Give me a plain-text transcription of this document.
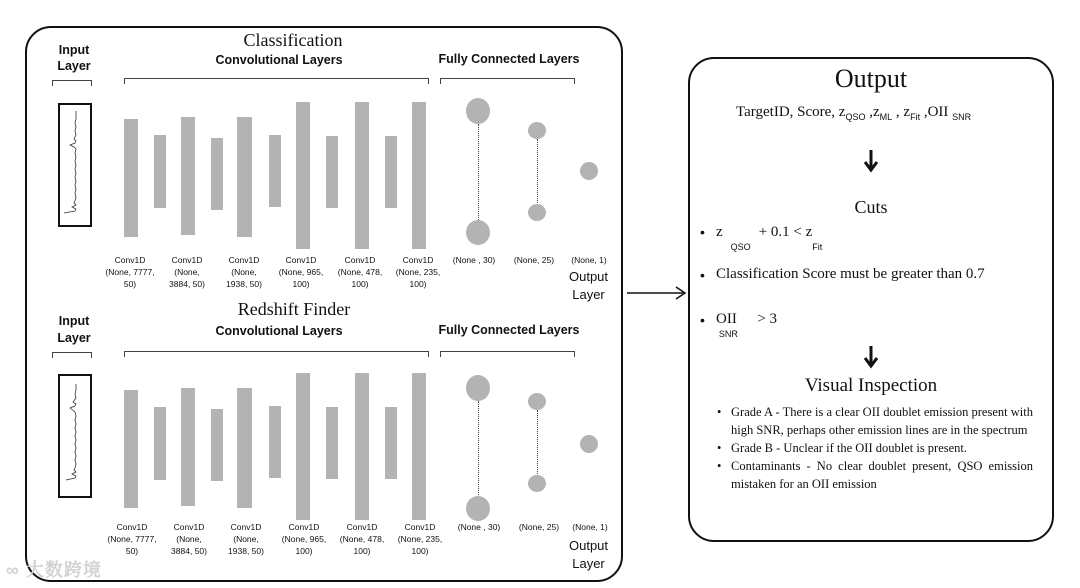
Classification
Input Layer	Convolutional Layers	Fully Connected Layers
Conv1D
(None, 7777,
50)
Conv1D
(None,
3884, 50)
Conv1D
(None,
1938, 50)
Conv1D
(None, 965,
100)
Conv1D
(None, 478,
100)
Conv1D
(None, 235,
100)
(None , 30)	(None, 25)	(None, 1)
Output Layer
Redshift Finder
Input Layer	Convolutional Layers	Fully Connected Layers
Conv1D
(None, 7777,
50)
Conv1D
(None,
3884, 50)
Conv1D
(None,
1938, 50)
Conv1D
(None, 965,
100)
Conv1D
(None, 478,
100)
Conv1D
(None, 235,
100)
(None , 30)	(None, 25)	(None, 1)
Output Layer
∞ 大数跨境
Output
TargetID, Score, $z_{QSO}$ $,z_{ML}$ , $z_{Fit}$ ,OII $_{SNR}$
Cuts
• $z_{QSO}+ 0.1 < z_{Fit}$
• Classification Score must be greater than 0.7
• $OII_{SNR} > 3$
Visual Inspection
• Grade A - There is a clear OII doublet emission present with high SNR, perhaps other emission lines are in the spectrum
• Grade B - Unclear if the OII doublet is present.
• Contaminants - No clear doublet present, QSO emission mistaken for an OII emission
